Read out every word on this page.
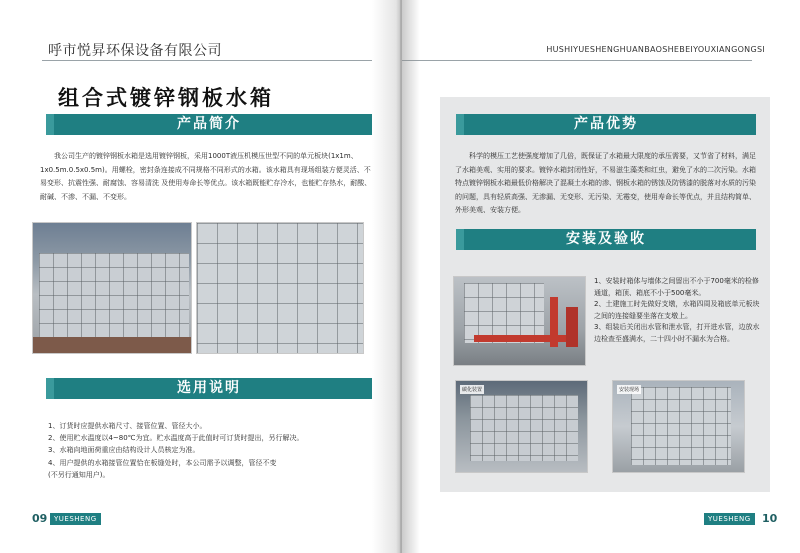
呼市悦昇环保设备有限公司
组合式镀锌钢板水箱
产品简介

我公司生产的镀锌钢板水箱是选用镀锌钢板，采用1000T液压机模压世型不同的单元板块(1x1m、1x0.5m.0.5x0.5m)。用螺栓，密封条连接成不同规格不同形式的水箱。该水箱具有现场组装方便灵活、不易变形、抗震性强、耐腐蚀、容易清洗 及使用寿命长等优点。该水箱既能贮存冷水，也能贮存热水，耐酸、耐碱、不渗、不漏、不变形。

选用说明
1、订货时应提供水箱尺寸、接管位置、管径大小。
2、使用贮水温度以4~80℃为宜。贮水温度高于此值时可订货时提出，另行解决。
3、水箱向地面荷重应由结构设计人员核定为准。
4、用户提供的水箱接管位置恰在板缝处时，本公司需予以调整，管径不变
(不另行通知用户)。
09 YUESHENG
HUSHIYUESHENGHUANBAOSHEBEIYOUXIANGONGSI
产品优势

科学的模压工艺使强度增加了几倍，既保证了水箱最大限度的承压需要，又节省了材料，满足了水箱美观、实用的要求。镀锌水箱封闭性好，不易滋生藻类和红虫，避免了水的二次污染。水箱特点镀锌钢板水箱最低价格解决了混凝土水箱的渗、钢板水箱的锈蚀及防锈漆的脱落对水质的污染的问题，具有轻质高强、无渗漏、无变形、无污染、无霉变，使用寿命长等优点，并且结构简单、外形美观、安装方便。

安装及验收
1、安装时箱体与墙体之间留出不小于700毫米的检修通道，箱顶、箱底不小于500毫米。
2、土建施工时先做好支墩，水箱四周及箱底单元板块之间的连接缝要坐落在支墩上。
3、组装后关闭出水管和泄水管，打开进水管，边放水边检查至盛满水，二十四小时不漏水为合格。
碳化装置	安装现场
YUESHENG	10
